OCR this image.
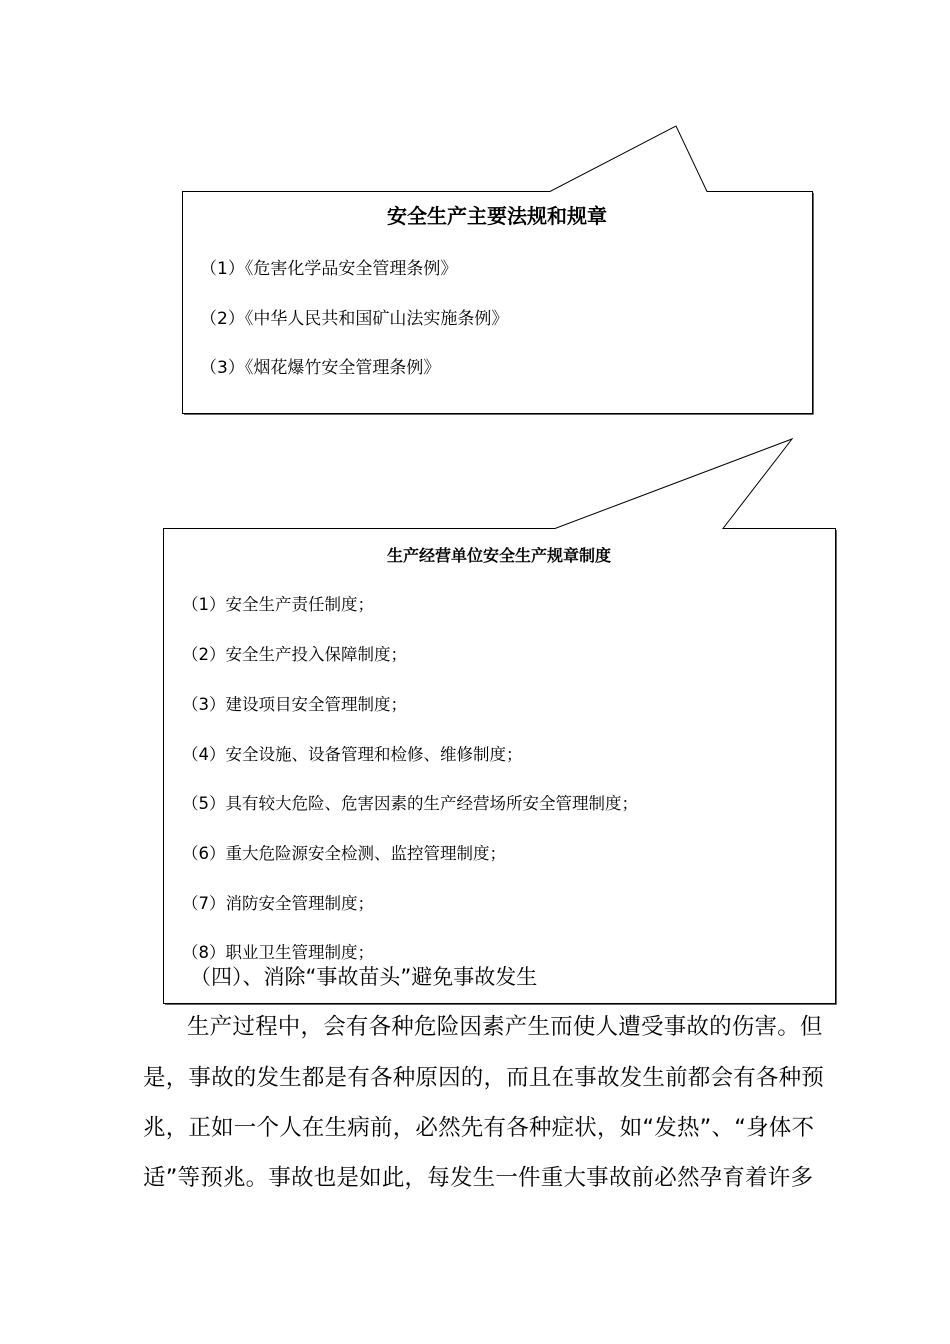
安全生产主要法规和规章
（1）《危害化学品安全管理条例》
（2）《中华人民共和国矿山法实施条例》
（3）《烟花爆竹安全管理条例》
生产经营单位安全生产规章制度
（1）安全生产责任制度；
（2）安全生产投入保障制度；
（3）建设项目安全管理制度；
（4）安全设施、设备管理和检修、维修制度；
（5）具有较大危险、危害因素的生产经营场所安全管理制度；
（6）重大危险源安全检测、监控管理制度；
（7）消防安全管理制度；
（8）职业卫生管理制度；
（四）、消除“事故苗头”避免事故发生
生产过程中，会有各种危险因素产生而使人遭受事故的伤害。但
是，事故的发生都是有各种原因的，而且在事故发生前都会有各种预
兆，正如一个人在生病前，必然先有各种症状，如“发热”、“身体不
适”等预兆。事故也是如此，每发生一件重大事故前必然孕育着许多
